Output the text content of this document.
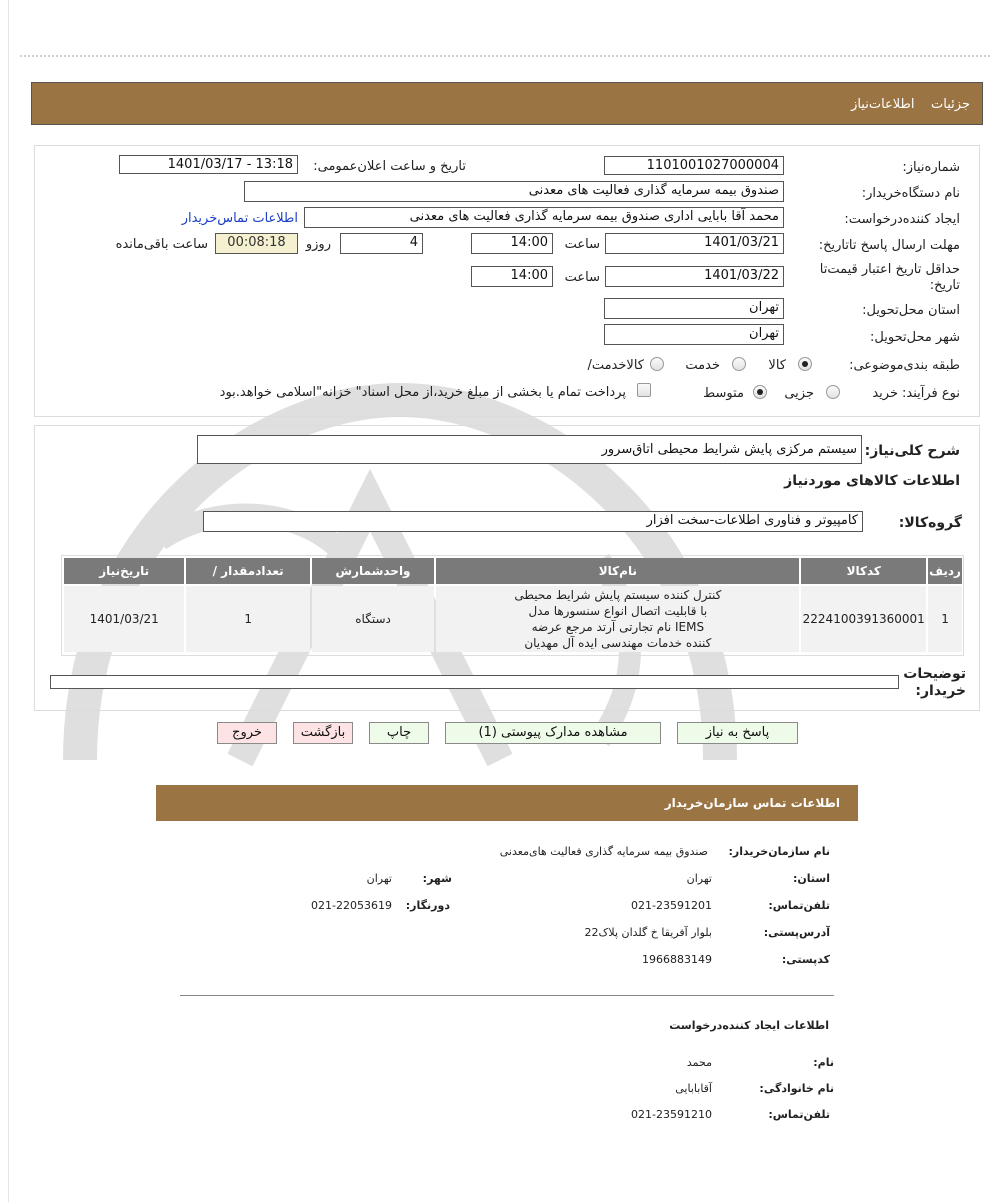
جزئیات    اطلاعات‌نیاز
شماره‌نیاز:
1101001027000004
تاریخ و ساعت اعلان‌عمومی:
1401/03/17 - 13:18
نام دستگاه‌خریدار:
صندوق بیمه سرمایه گذاری فعالیت های معدنی
ایجاد کننده‌درخواست:
محمد آقا بابایی اداری صندوق بیمه سرمایه گذاری فعالیت های معدنی
اطلاعات تماس‌خریدار
مهلت ارسال پاسخ تا‌تاریخ:
1401/03/21
ساعت
14:00
4
روزو
00:08:18
ساعت باقی‌مانده
حداقل تاریخ اعتبار قیمت‌تا
تاریخ:
1401/03/22
ساعت
14:00
استان محل‌تحویل:
تهران
شهر محل‌تحویل:
تهران
طبقه بندی‌موضوعی:
کالا
خدمت
کالا‌خدمت/
نوع فرآیند:
خرید
جزیی
متوسط
پرداخت تمام یا بخشی از مبلغ خرید،از محل اسناد" خزانه"اسلامی خواهد.بود
شرح کلی‌نیاز:
سیستم مرکزی پایش شرایط محیطی اتاق‌سرور
اطلاعات کالاهای موردنیاز
گروه‌کالا:
کامپیوتر و فناوری اطلاعات-سخت افزار
ردیف	کدکالا	نام‌کالا	واحدشمارش	تعدادمقدار /	تاریخ‌نیاز
1	2224100391360001	کنترل کننده سیستم پایش شرایط محیطی
با قابلیت اتصال انواع سنسورها مدل
IEMS نام تجارتی آرتد مرجع عرضه
کننده خدمات مهندسی ایده آل مهدیان	دستگاه	1	1401/03/21
توضیحات
خریدار:
پاسخ به نیاز
مشاهده مدارک پیوستی (1)
چاپ
بازگشت
خروج
اطلاعات تماس سازمان‌خریدار
نام سازمان‌خریدار:
صندوق بیمه سرمایه گذاری فعالیت های‌معدنی
استان:
تهران
شهر:
تهران
تلفن‌تماس:
021-23591201
دورنگار:
021-22053619
آدرس‌پستی:
بلوار آفریقا خ گلدان پلاک22
کد‌پستی:
1966883149
اطلاعات ایجاد کننده‌درخواست
نام:
محمد
نام خانوادگی:
آقابابایی
تلفن‌تماس:
021-23591210
